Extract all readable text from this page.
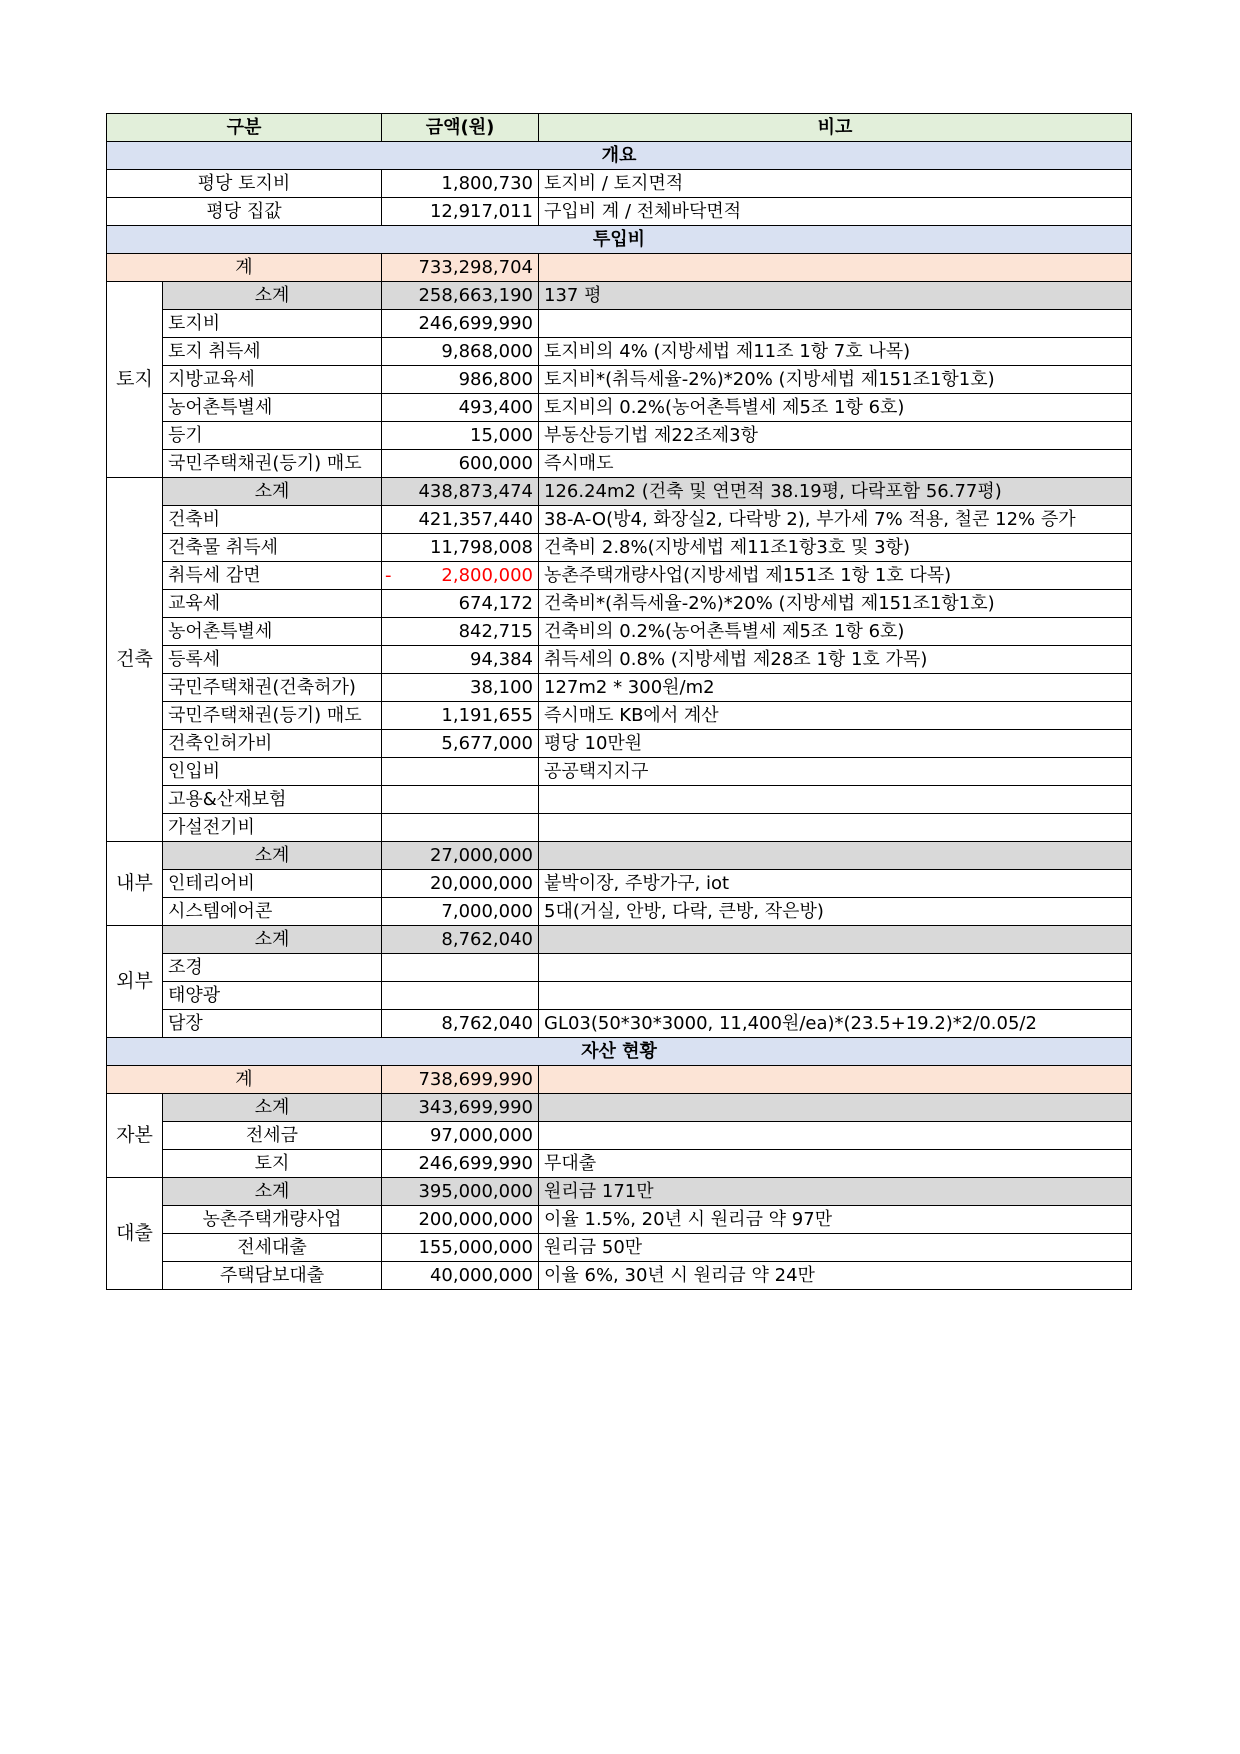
구분		금액(원)	비고
개요			
평당 토지비		1,800,730	토지비 / 토지면적
평당 집값		12,917,011	구입비 계 / 전체바닥면적
투입비			
계		733,298,704	
토지	소계	258,663,190	137 평
	토지비	246,699,990	
	토지 취득세	9,868,000	토지비의 4% (지방세법 제11조 1항 7호 나목)
	지방교육세	986,800	토지비*(취득세율-2%)*20% (지방세법 제151조1항1호)
	농어촌특별세	493,400	토지비의 0.2%(농어촌특별세 제5조 1항 6호)
	등기	15,000	부동산등기법 제22조제3항
	국민주택채권(등기) 매도	600,000	즉시매도
건축	소계	438,873,474	126.24m2 (건축 및 연면적 38.19평, 다락포함 56.77평)
	건축비	421,357,440	38-A-O(방4, 화장실2, 다락방 2), 부가세 7% 적용, 철콘 12% 증가
	건축물 취득세	11,798,008	건축비 2.8%(지방세법 제11조1항3호 및 3항)
	취득세 감면	- 2,800,000	농촌주택개량사업(지방세법 제151조 1항 1호 다목)
	교육세	674,172	건축비*(취득세율-2%)*20% (지방세법 제151조1항1호)
	농어촌특별세	842,715	건축비의 0.2%(농어촌특별세 제5조 1항 6호)
	등록세	94,384	취득세의 0.8% (지방세법 제28조 1항 1호 가목)
	국민주택채권(건축허가)	38,100	127m2 * 300원/m2
	국민주택채권(등기) 매도	1,191,655	즉시매도 KB에서 계산
	건축인허가비	5,677,000	평당 10만원
	인입비		공공택지지구
	고용&산재보험		
	가설전기비		
내부	소계	27,000,000	
	인테리어비	20,000,000	붙박이장, 주방가구, iot
	시스템에어콘	7,000,000	5대(거실, 안방, 다락, 큰방, 작은방)
외부	소계	8,762,040	
	조경		
	태양광		
	담장	8,762,040	GL03(50*30*3000, 11,400원/ea)*(23.5+19.2)*2/0.05/2
자산 현황			
계		738,699,990	
자본	소계	343,699,990	
	전세금	97,000,000	
	토지	246,699,990	무대출
대출	소계	395,000,000	원리금 171만
	농촌주택개량사업	200,000,000	이율 1.5%, 20년 시 원리금 약 97만
	전세대출	155,000,000	원리금 50만
	주택담보대출	40,000,000	이율 6%, 30년 시 원리금 약 24만
